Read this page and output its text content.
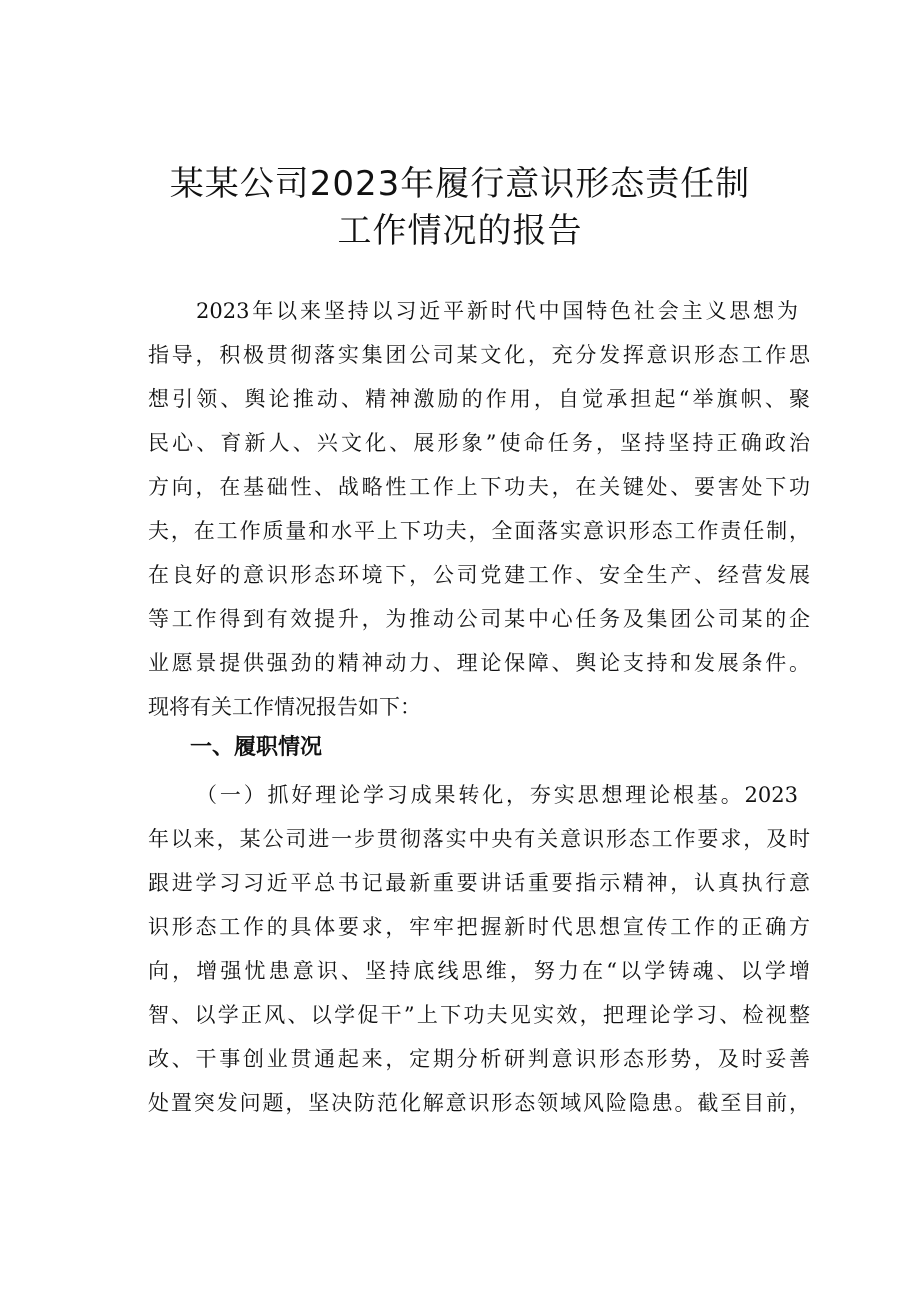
某某公司2023年履行意识形态责任制
工作情况的报告
2023年以来坚持以习近平新时代中国特色社会主义思想为
指导，积极贯彻落实集团公司某文化，充分发挥意识形态工作思
想引领、舆论推动、精神激励的作用，自觉承担起“举旗帜、聚
民心、育新人、兴文化、展形象”使命任务，坚持坚持正确政治
方向，在基础性、战略性工作上下功夫，在关键处、要害处下功
夫，在工作质量和水平上下功夫，全面落实意识形态工作责任制，
在良好的意识形态环境下，公司党建工作、安全生产、经营发展
等工作得到有效提升，为推动公司某中心任务及集团公司某的企
业愿景提供强劲的精神动力、理论保障、舆论支持和发展条件。
现将有关工作情况报告如下：
一、履职情况
（一）抓好理论学习成果转化，夯实思想理论根基。2023
年以来，某公司进一步贯彻落实中央有关意识形态工作要求，及时
跟进学习习近平总书记最新重要讲话重要指示精神，认真执行意
识形态工作的具体要求，牢牢把握新时代思想宣传工作的正确方
向，增强忧患意识、坚持底线思维，努力在“以学铸魂、以学增
智、以学正风、以学促干”上下功夫见实效，把理论学习、检视整
改、干事创业贯通起来，定期分析研判意识形态形势，及时妥善
处置突发问题，坚决防范化解意识形态领域风险隐患。截至目前，
